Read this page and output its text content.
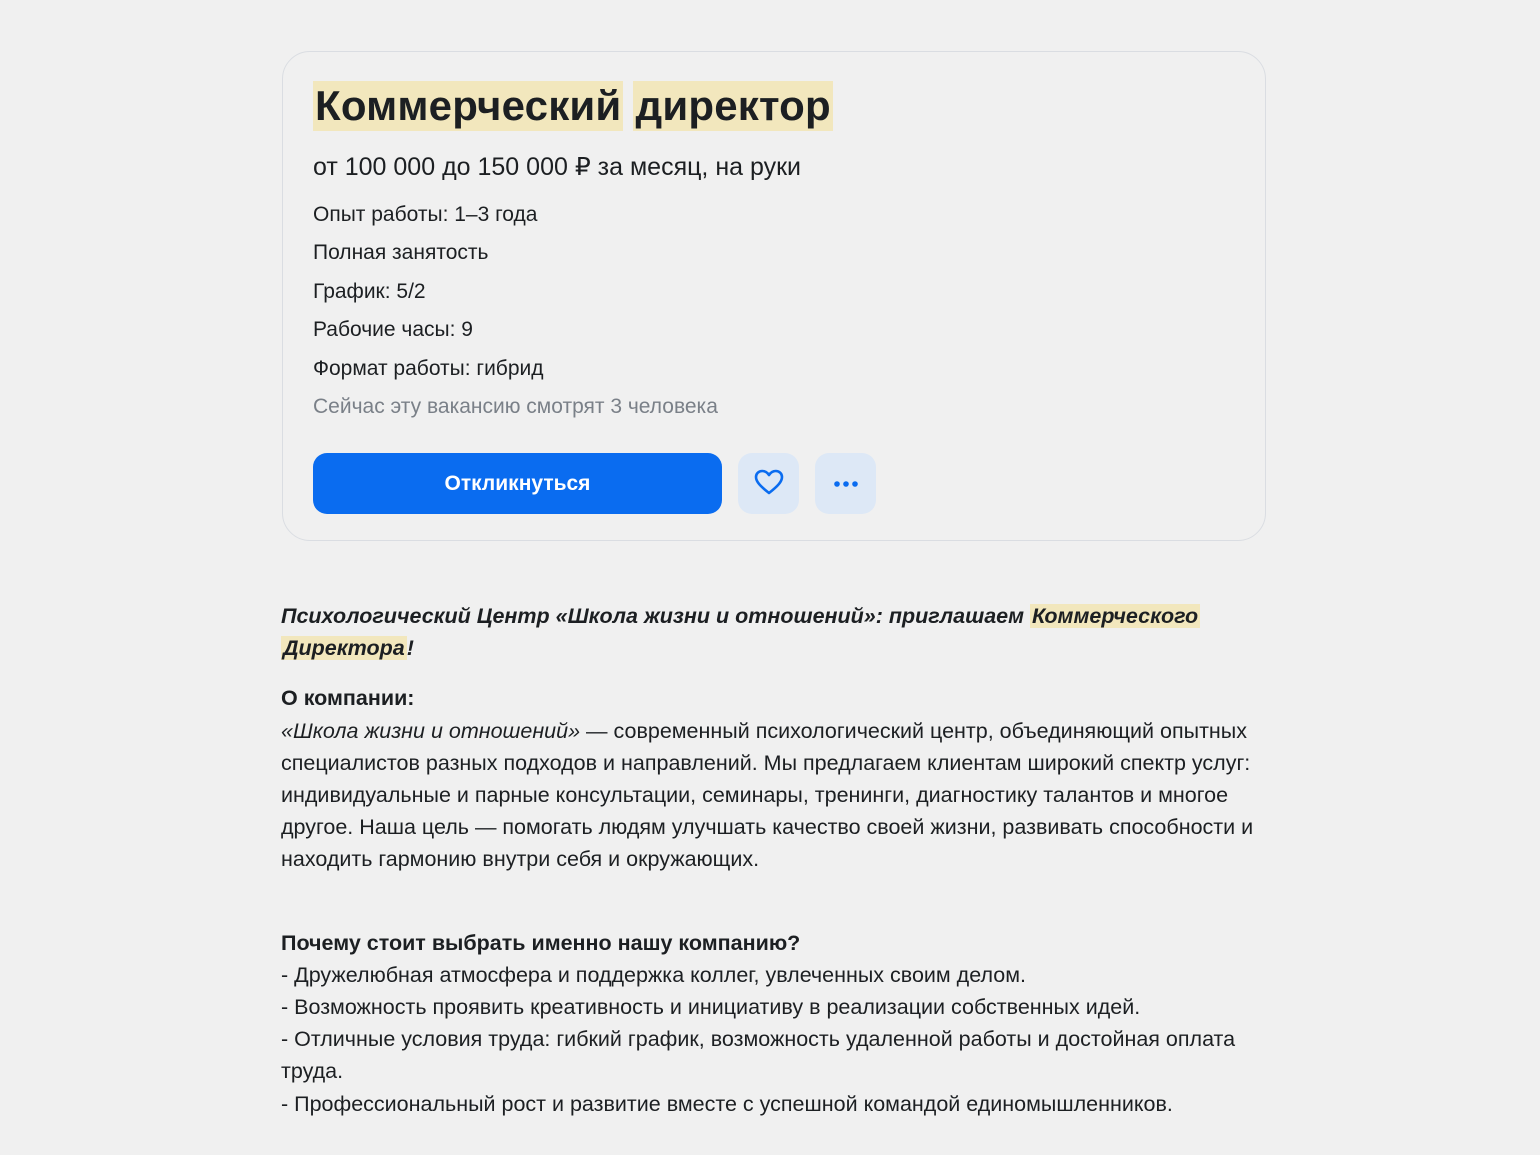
Коммерческий директор
от 100 000 до 150 000 ₽ за месяц, на руки
Опыт работы: 1–3 года
Полная занятость
График: 5/2
Рабочие часы: 9
Формат работы: гибрид
Сейчас эту вакансию смотрят 3 человека
Откликнуться

Психологический Центр «Школа жизни и отношений»: приглашаем Коммерческого Директора!

О компании:
«Школа жизни и отношений» — современный психологический центр, объединяющий опытных специалистов разных подходов и направлений. Мы предлагаем клиентам широкий спектр услуг: индивидуальные и парные консультации, семинары, тренинги, диагностику талантов и многое другое. Наша цель — помогать людям улучшать качество своей жизни, развивать способности и находить гармонию внутри себя и окружающих.
Почему стоит выбрать именно нашу компанию?
- Дружелюбная атмосфера и поддержка коллег, увлеченных своим делом.
- Возможность проявить креативность и инициативу в реализации собственных идей.
- Отличные условия труда: гибкий график, возможность удаленной работы и достойная оплата труда.
- Профессиональный рост и развитие вместе с успешной командой единомышленников.
